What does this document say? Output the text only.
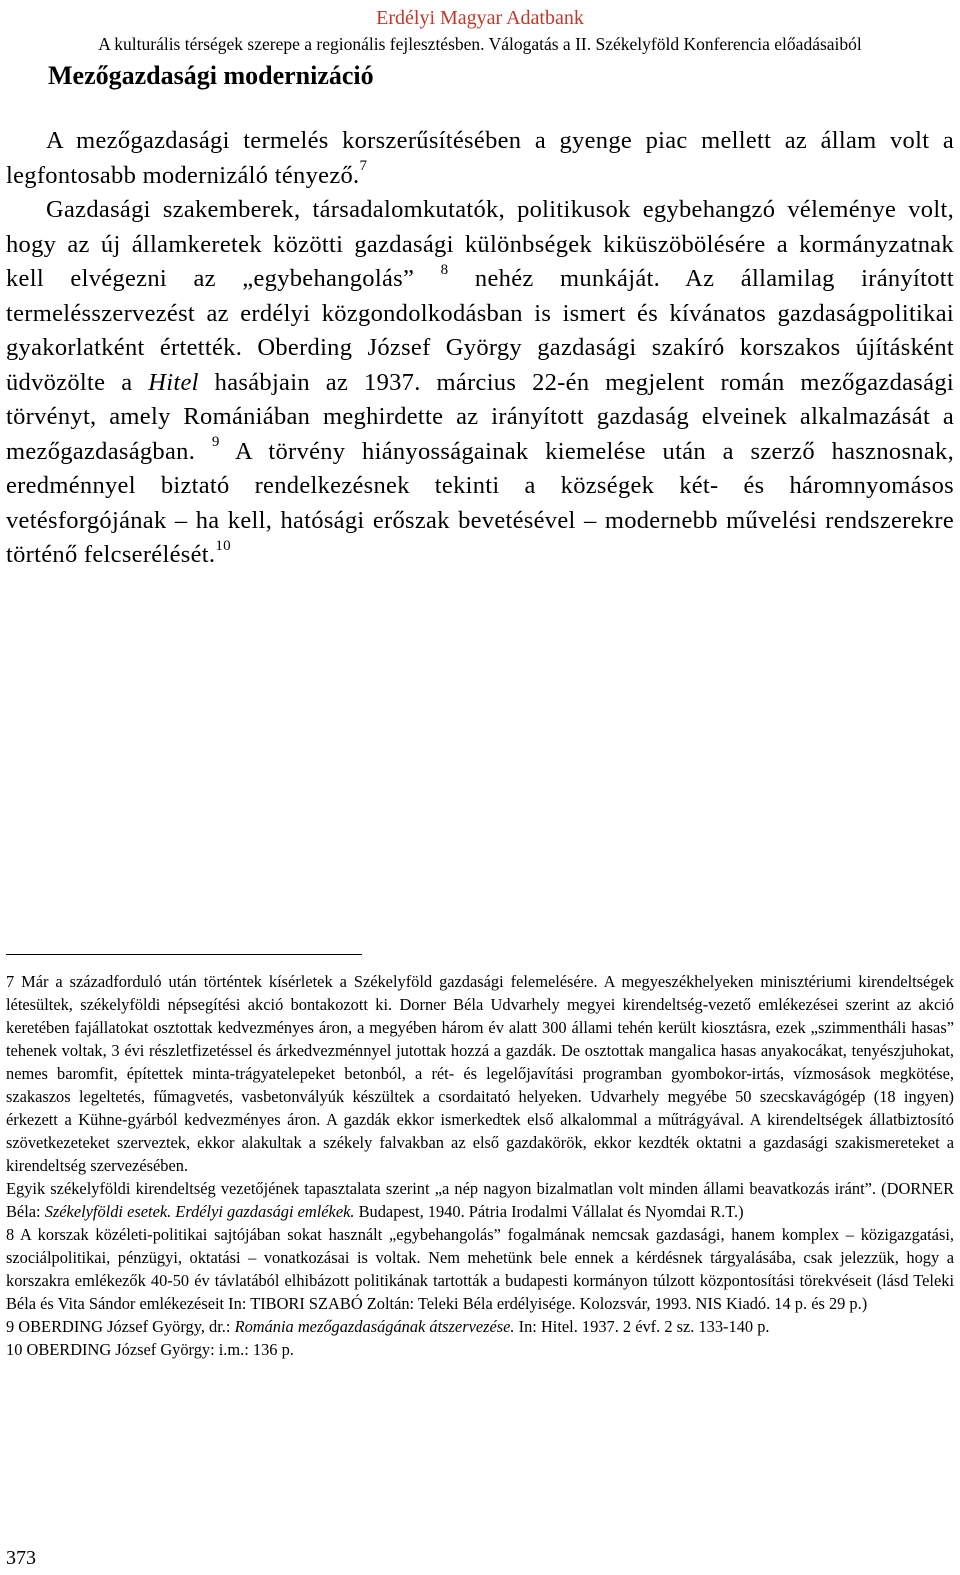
Erdélyi Magyar Adatbank
A kulturális térségek szerepe a regionális fejlesztésben. Válogatás a II. Székelyföld Konferencia előadásaiból
Mezőgazdasági modernizáció
A mezőgazdasági termelés korszerűsítésében a gyenge piac mellett az állam volt a legfontosabb modernizáló tényező.$^7$
Gazdasági szakemberek, társadalomkutatók, politikusok egybehangzó véleménye volt, hogy az új államkeretek közötti gazdasági különbségek kiküszöbölésére a kormányzatnak kell elvégezni az „egybehangolás” $^8$ nehéz munkáját. Az államilag irányított termelésszervezést az erdélyi közgondolkodásban is ismert és kívánatos gazdaságpolitikai gyakorlatként értették. Oberding József György gazdasági szakíró korszakos újításként üdvözölte a Hitel hasábjain az 1937. március 22-én megjelent román mezőgazdasági törvényt, amely Romániában meghirdette az irányított gazdaság elveinek alkalmazását a mezőgazdaságban. $^9$ A törvény hiányosságainak kiemelése után a szerző hasznosnak, eredménnyel biztató rendelkezésnek tekinti a községek két- és háromnyomásos vetésforgójának – ha kell, hatósági erőszak bevetésével – modernebb művelési rendszerekre történő felcserélését.$^{10}$

7 Már a századforduló után történtek kísérletek a Székelyföld gazdasági felemelésére. A megyeszékhelyeken minisztériumi kirendeltségek létesültek, székelyföldi népsegítési akció bontakozott ki. Dorner Béla Udvarhely megyei kirendeltség-vezető emlékezései szerint az akció keretében fajállatokat osztottak kedvezményes áron, a megyében három év alatt 300 állami tehén került kiosztásra, ezek „szimmentháli hasas” tehenek voltak, 3 évi részletfizetéssel és árkedvezménnyel jutottak hozzá a gazdák. De osztottak mangalica hasas anyakocákat, tenyészjuhokat, nemes baromfit, építettek minta-trágyatelepeket betonból, a rét- és legelőjavítási programban gyombokor-irtás, vízmosások megkötése, szakaszos legeltetés, fűmagvetés, vasbetonvályúk készültek a csordaitató helyeken. Udvarhely megyébe 50 szecskavágógép (18 ingyen) érkezett a Kühne-gyárból kedvezményes áron. A gazdák ekkor ismerkedtek első alkalommal a műtrágyával. A kirendeltségek állatbiztosító szövetkezeteket szerveztek, ekkor alakultak a székely falvakban az első gazdakörök, ekkor kezdték oktatni a gazdasági szakismereteket a kirendeltség szervezésében.

Egyik székelyföldi kirendeltség vezetőjének tapasztalata szerint „a nép nagyon bizalmatlan volt minden állami beavatkozás iránt”. (DORNER Béla: Székelyföldi esetek. Erdélyi gazdasági emlékek. Budapest, 1940. Pátria Irodalmi Vállalat és Nyomdai R.T.)

8 A korszak közéleti-politikai sajtójában sokat használt „egybehangolás” fogalmának nemcsak gazdasági, hanem komplex – közigazgatási, szociálpolitikai, pénzügyi, oktatási – vonatkozásai is voltak. Nem mehetünk bele ennek a kérdésnek tárgyalásába, csak jelezzük, hogy a korszakra emlékezők 40-50 év távlatából elhibázott politikának tartották a budapesti kormányon túlzott központosítási törekvéseit (lásd Teleki Béla és Vita Sándor emlékezéseit In: TIBORI SZABÓ Zoltán: Teleki Béla erdélyisége. Kolozsvár, 1993. NIS Kiadó. 14 p. és 29 p.)

9 OBERDING József György, dr.: Románia mezőgazdaságának átszervezése. In: Hitel. 1937. 2 évf. 2 sz. 133-140 p.

10 OBERDING József György: i.m.: 136 p.

373
